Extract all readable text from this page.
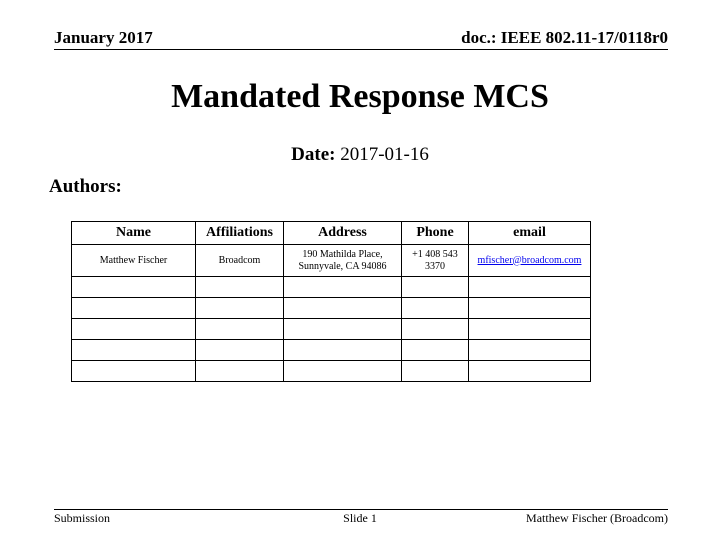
January 2017	doc.: IEEE 802.11-17/0118r0
Mandated Response MCS
Date: 2017-01-16
Authors:
Name	Affiliations	Address	Phone	email
Matthew Fischer	Broadcom	190 Mathilda Place, Sunnyvale, CA 94086	+1 408 543 3370	mfischer@broadcom.com

Submission	Slide 1	Matthew Fischer (Broadcom)
